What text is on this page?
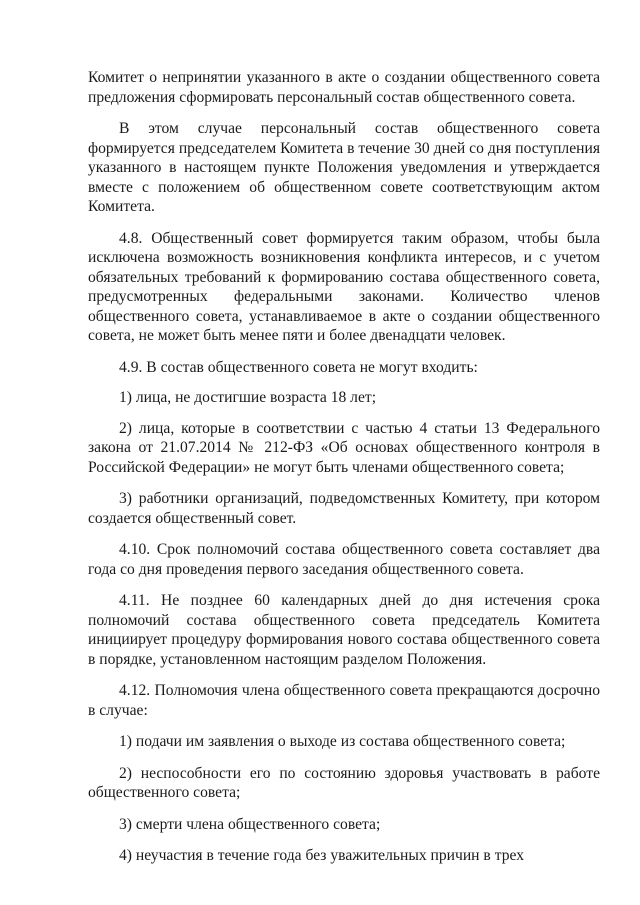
Комитет о непринятии указанного в акте о создании общественного совета предложения сформировать персональный состав общественного совета.

В этом случае персональный состав общественного совета формируется председателем Комитета в течение 30 дней со дня поступления указанного в настоящем пункте Положения уведомления и утверждается вместе с положением об общественном совете соответствующим актом Комитета.

4.8. Общественный совет формируется таким образом, чтобы была исключена возможность возникновения конфликта интересов, и с учетом обязательных требований к формированию состава общественного совета, предусмотренных федеральными законами. Количество членов общественного совета, устанавливаемое в акте о создании общественного совета, не может быть менее пяти и более двенадцати человек.

4.9. В состав общественного совета не могут входить:

1) лица, не достигшие возраста 18 лет;

2) лица, которые в соответствии с частью 4 статьи 13 Федерального закона от 21.07.2014 № 212-ФЗ «Об основах общественного контроля в Российской Федерации» не могут быть членами общественного совета;

3) работники организаций, подведомственных Комитету, при котором создается общественный совет.

4.10. Срок полномочий состава общественного совета составляет два года со дня проведения первого заседания общественного совета.

4.11. Не позднее 60 календарных дней до дня истечения срока полномочий состава общественного совета председатель Комитета инициирует процедуру формирования нового состава общественного совета в порядке, установленном настоящим разделом Положения.

4.12. Полномочия члена общественного совета прекращаются досрочно в случае:

1) подачи им заявления о выходе из состава общественного совета;

2) неспособности его по состоянию здоровья участвовать в работе общественного совета;

3) смерти члена общественного совета;

4) неучастия в течение года без уважительных причин в трех
